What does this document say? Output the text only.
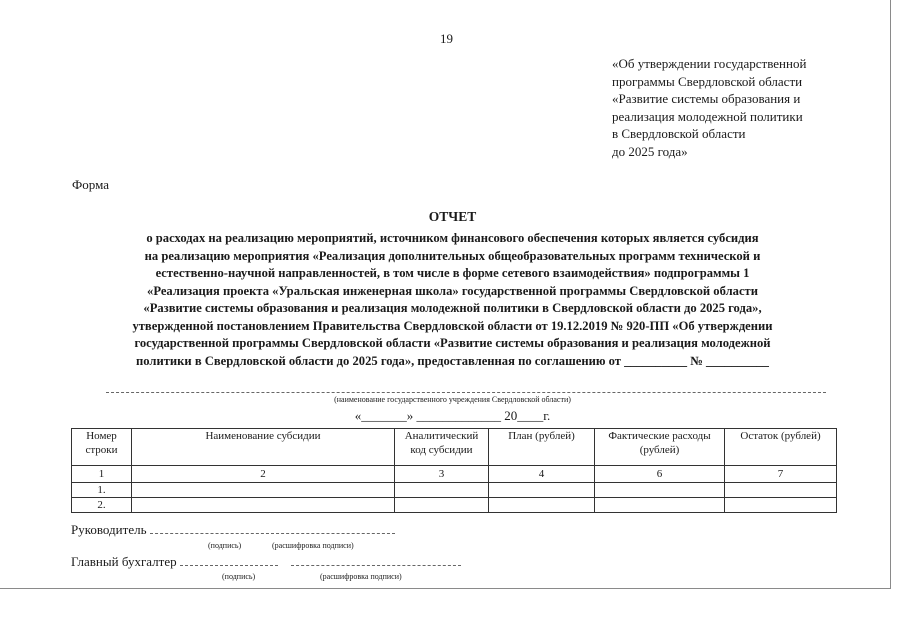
19
«Об утверждении государственной
программы Свердловской области
«Развитие системы образования и
реализация молодежной политики
в Свердловской области
до 2025 года»
Форма
ОТЧЕТ
о расходах на реализацию мероприятий, источником финансового обеспечения которых является субсидия
на реализацию мероприятия «Реализация дополнительных общеобразовательных программ технической и
естественно-научной направленностей, в том числе в форме сетевого взаимодействия» подпрограммы 1
«Реализация проекта «Уральская инженерная школа» государственной программы Свердловской области
«Развитие системы образования и реализация молодежной политики в Свердловской области до 2025 года»,
утвержденной постановлением Правительства Свердловской области от 19.12.2019 № 920-ПП «Об утверждении
государственной программы Свердловской области «Развитие системы образования и реализация молодежной
политики в Свердловской области до 2025 года», предоставленная по соглашению от __________ № __________
(наименование государственного учреждения Свердловской области)
«_______» _____________ 20____г.
Номер строки	Наименование субсидии	Аналитический код субсидии	План (рублей)	Фактические расходы (рублей)	Остаток (рублей)
1	2	3	4	6	7
1.					
2.					
Руководитель
(подпись)	(расшифровка подписи)
Главный бухгалтер
(подпись)	(расшифровка подписи)
